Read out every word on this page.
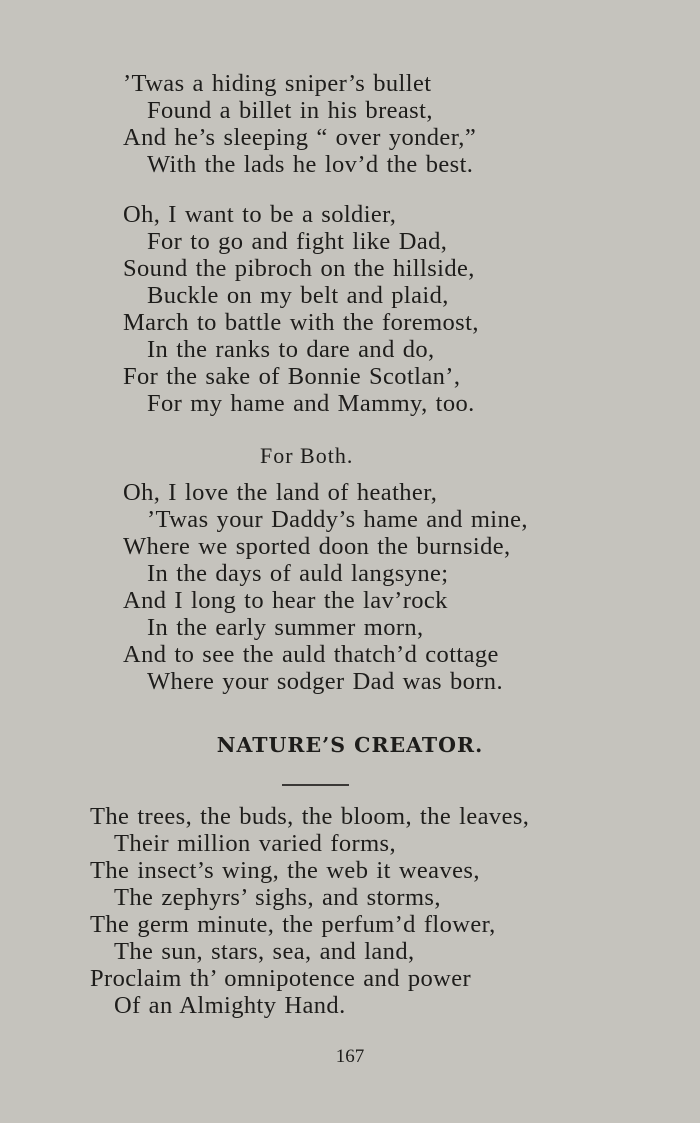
’Twas a hiding sniper’s bullet
Found a billet in his breast,
And he’s sleeping “ over yonder,”
With the lads he lov’d the best.
Oh, I want to be a soldier,
For to go and fight like Dad,
Sound the pibroch on the hillside,
Buckle on my belt and plaid,
March to battle with the foremost,
In the ranks to dare and do,
For the sake of Bonnie Scotlan’,
For my hame and Mammy, too.
For Both.
Oh, I love the land of heather,
’Twas your Daddy’s hame and mine,
Where we sported doon the burnside,
In the days of auld langsyne;
And I long to hear the lav’rock
In the early summer morn,
And to see the auld thatch’d cottage
Where your sodger Dad was born.
NATURE’S CREATOR.
The trees, the buds, the bloom, the leaves,
Their million varied forms,
The insect’s wing, the web it weaves,
The zephyrs’ sighs, and storms,
The germ minute, the perfum’d flower,
The sun, stars, sea, and land,
Proclaim th’ omnipotence and power
Of an Almighty Hand.
167
